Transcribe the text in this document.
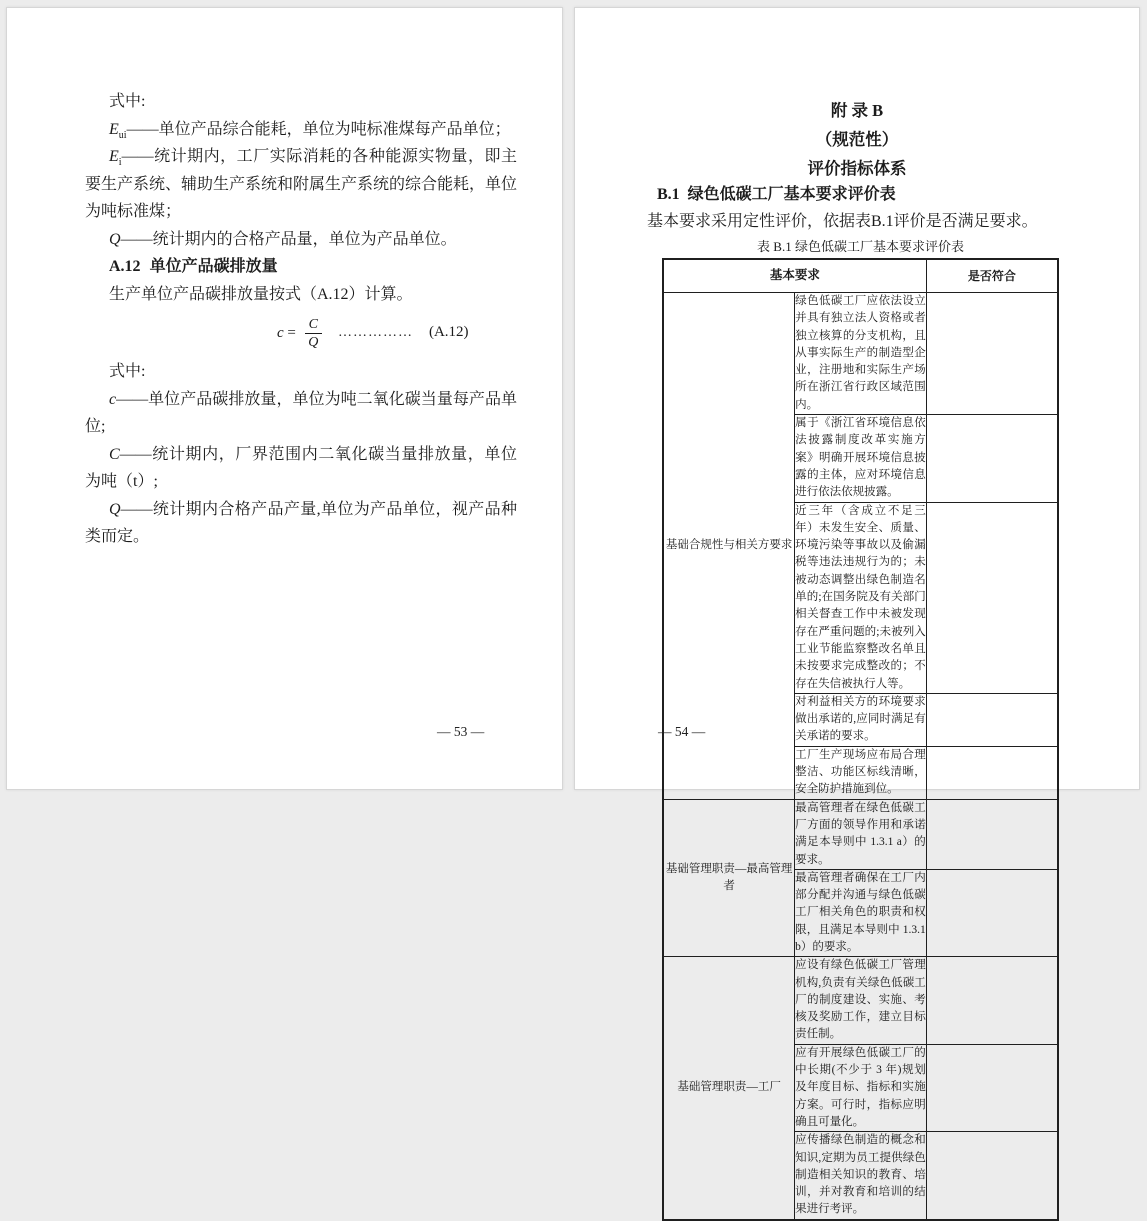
式中:

$E_{ui}——$单位产品综合能耗，单位为吨标准煤每产品单位；

$E_i——$统计期内，工厂实际消耗的各种能源实物量，即主要生产系统、辅助生产系统和附属生产系统的综合能耗，单位为吨标准煤；

Q——统计期内的合格产品量，单位为产品单位。

A.12 单位产品碳排放量

生产单位产品碳排放量按式（A.12）计算。

$c = \frac{C}{Q}$ …………… (A.12)

式中:

c——单位产品碳排放量，单位为吨二氧化碳当量每产品单位;

C——统计期内，厂界范围内二氧化碳当量排放量，单位为吨（t）;

Q——统计期内合格产品产量,单位为产品单位，视产品种类而定。

— 53 —
附 录 B
（规范性）
评价指标体系
B.1 绿色低碳工厂基本要求评价表
基本要求采用定性评价，依据表B.1评价是否满足要求。
表 B.1 绿色低碳工厂基本要求评价表
基本要求		是否符合
基础合规性与相关方要求	绿色低碳工厂应依法设立并具有独立法人资格或者独立核算的分支机构，且从事实际生产的制造型企业，注册地和实际生产场所在浙江省行政区域范围内。	
	属于《浙江省环境信息依法披露制度改革实施方案》明确开展环境信息披露的主体，应对环境信息进行依法依规披露。	
	近三年（含成立不足三年）未发生安全、质量、环境污染等事故以及偷漏税等违法违规行为的；未被动态调整出绿色制造名单的;在国务院及有关部门相关督查工作中未被发现存在严重问题的;未被列入工业节能监察整改名单且未按要求完成整改的；不存在失信被执行人等。	
	对利益相关方的环境要求做出承诺的,应同时满足有关承诺的要求。	
	工厂生产现场应布局合理整洁、功能区标线清晰，安全防护措施到位。	
基础管理职责—最高管理者	最高管理者在绿色低碳工厂方面的领导作用和承诺满足本导则中 1.3.1 a）的要求。	
	最高管理者确保在工厂内部分配并沟通与绿色低碳工厂相关角色的职责和权限，且满足本导则中 1.3.1 b）的要求。	
基础管理职责—工厂	应设有绿色低碳工厂管理机构,负责有关绿色低碳工厂的制度建设、实施、考核及奖励工作，建立目标责任制。	
	应有开展绿色低碳工厂的中长期(不少于 3 年)规划及年度目标、指标和实施方案。可行时，指标应明确且可量化。	
	应传播绿色制造的概念和知识,定期为员工提供绿色制造相关知识的教育、培训，并对教育和培训的结果进行考评。	
— 54 —
